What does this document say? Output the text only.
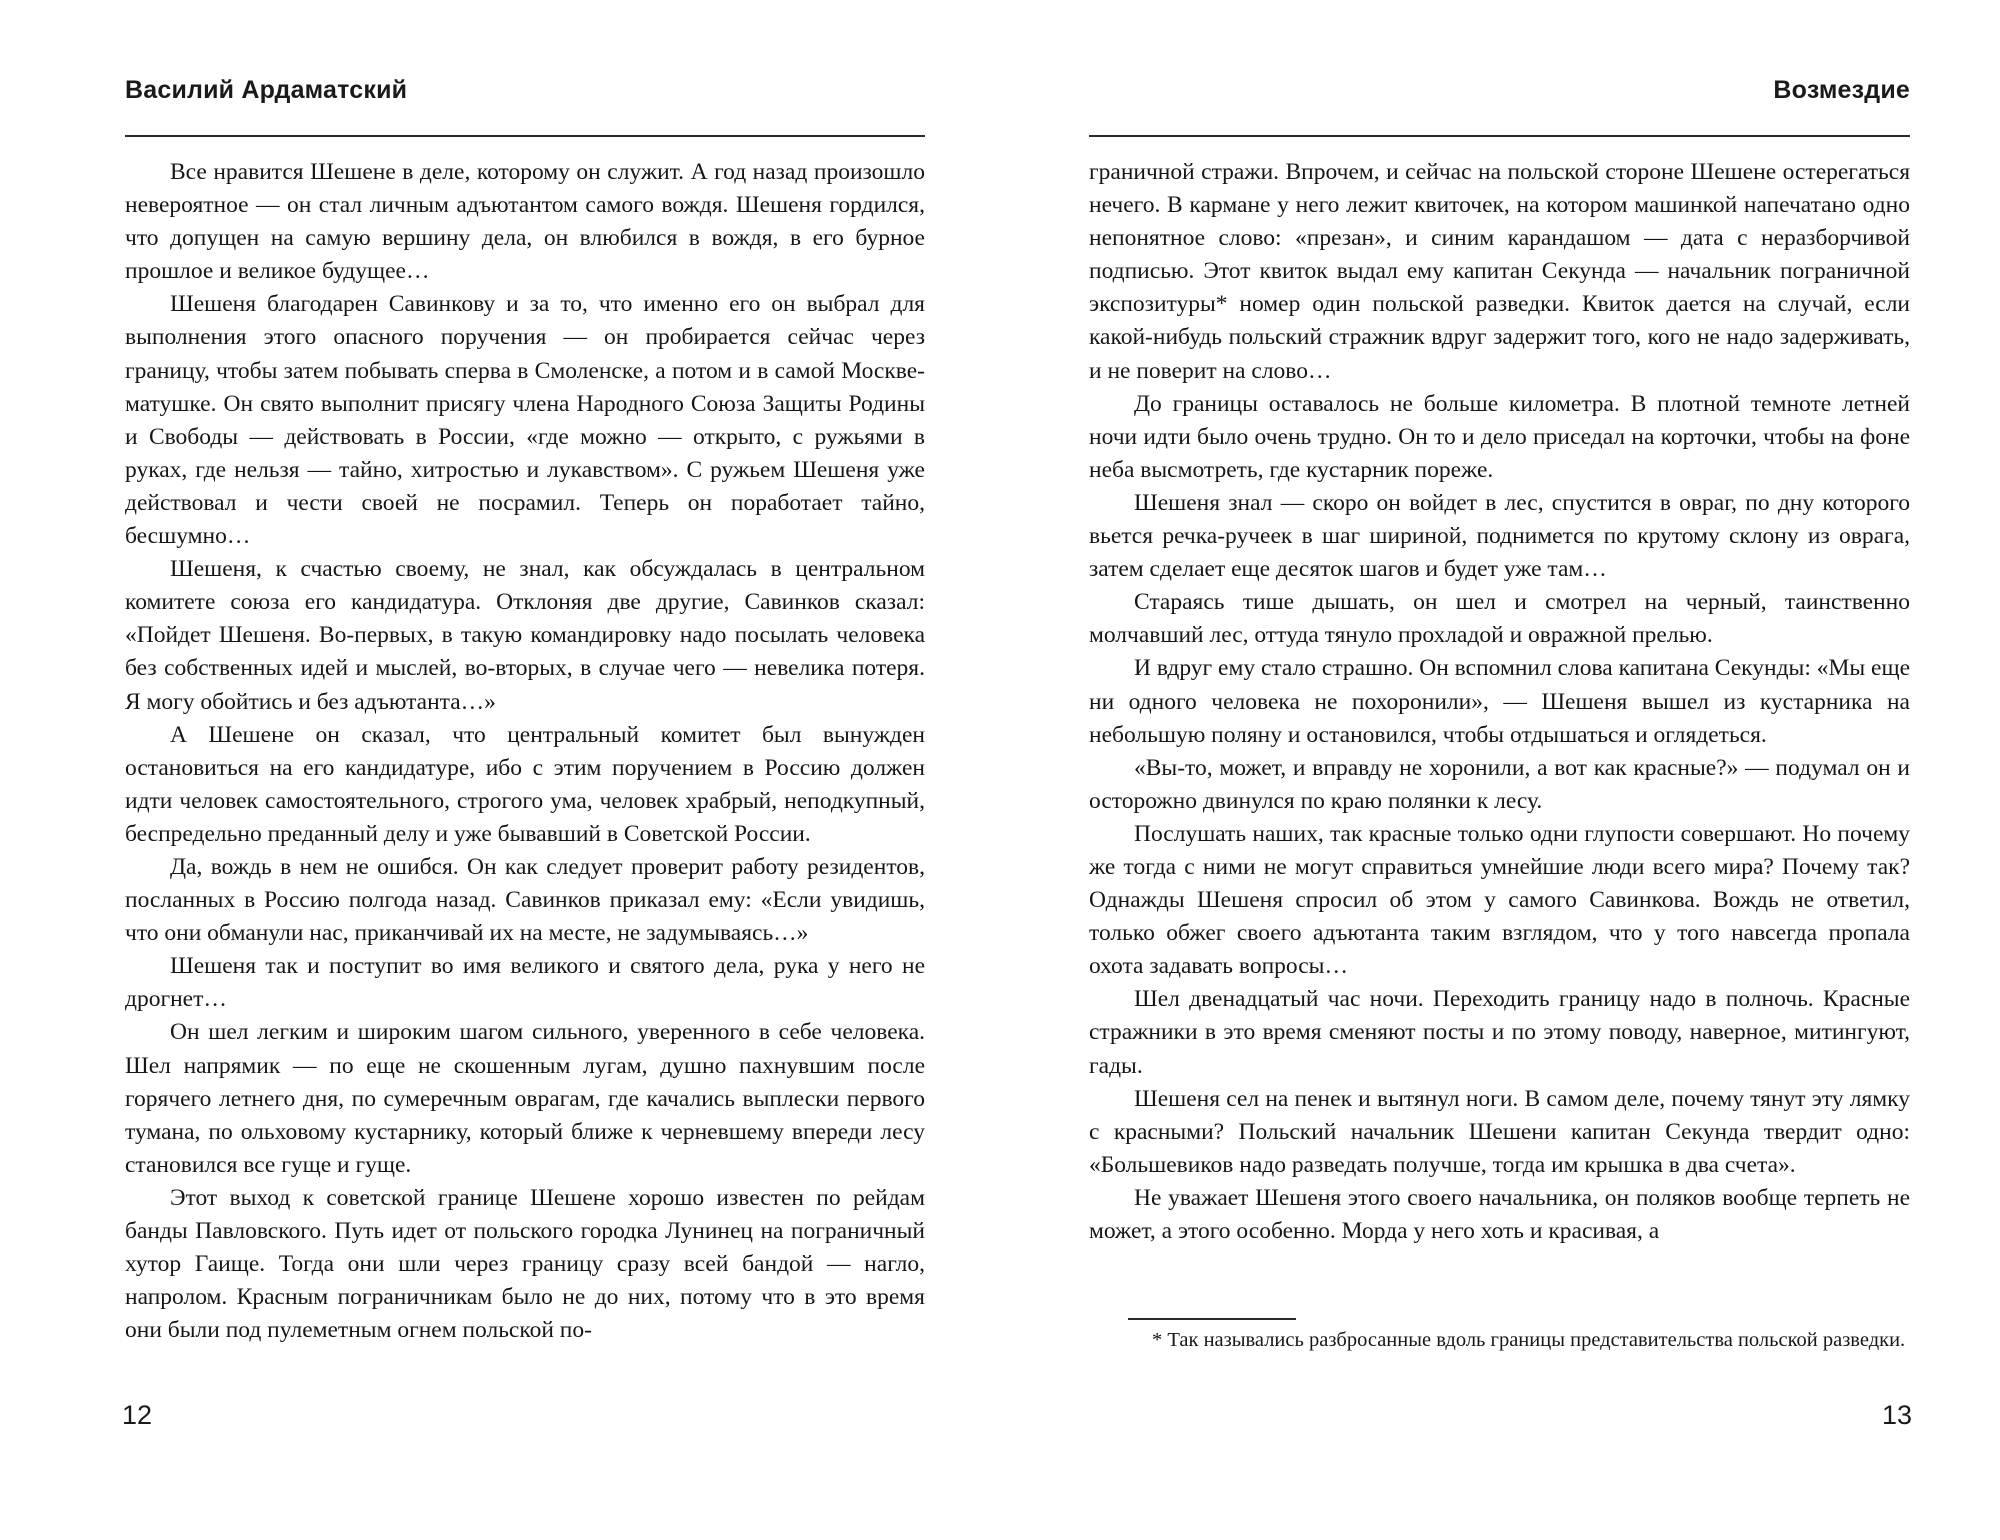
Василий Ардаматский

Все нравится Шешене в деле, которому он служит. А год назад произошло невероятное — он стал личным адъютантом самого вождя. Шешеня гордился, что допущен на самую вершину дела, он влюбился в вождя, в его бурное прошлое и великое будущее…

Шешеня благодарен Савинкову и за то, что именно его он выбрал для выполнения этого опасного поручения — он пробирается сейчас через границу, чтобы затем побывать сперва в Смоленске, а потом и в самой Москве-матушке. Он свято выполнит присягу члена Народного Союза Защиты Родины и Свободы — действовать в России, «где можно — открыто, с ружьями в руках, где нельзя — тайно, хитростью и лукавством». С ружьем Шешеня уже действовал и чести своей не посрамил. Теперь он поработает тайно, бесшумно…

Шешеня, к счастью своему, не знал, как обсуждалась в центральном комитете союза его кандидатура. Отклоняя две другие, Савинков сказал: «Пойдет Шешеня. Во-первых, в такую командировку надо посылать человека без собственных идей и мыслей, во-вторых, в случае чего — невелика потеря. Я могу обойтись и без адъютанта…»

А Шешене он сказал, что центральный комитет был вынужден остановиться на его кандидатуре, ибо с этим поручением в Россию должен идти человек самостоятельного, строгого ума, человек храбрый, неподкупный, беспредельно преданный делу и уже бывавший в Советской России.

Да, вождь в нем не ошибся. Он как следует проверит работу резидентов, посланных в Россию полгода назад. Савинков приказал ему: «Если увидишь, что они обманули нас, приканчивай их на месте, не задумываясь…»

Шешеня так и поступит во имя великого и святого дела, рука у него не дрогнет…

Он шел легким и широким шагом сильного, уверенного в себе человека. Шел напрямик — по еще не скошенным лугам, душно пахнувшим после горячего летнего дня, по сумеречным оврагам, где качались выплески первого тумана, по ольховому кустарнику, который ближе к черневшему впереди лесу становился все гуще и гуще.

Этот выход к советской границе Шешене хорошо известен по рейдам банды Павловского. Путь идет от польского городка Лунинец на пограничный хутор Гаище. Тогда они шли через границу сразу всей бандой — нагло, напролом. Красным пограничникам было не до них, потому что в это время они были под пулеметным огнем польской по-

12
Возмездие

граничной стражи. Впрочем, и сейчас на польской стороне Шешене остерегаться нечего. В кармане у него лежит квиточек, на котором машинкой напечатано одно непонятное слово: «презан», и синим карандашом — дата с неразборчивой подписью. Этот квиток выдал ему капитан Секунда — начальник пограничной экспозитуры* номер один польской разведки. Квиток дается на случай, если какой-нибудь польский стражник вдруг задержит того, кого не надо задерживать, и не поверит на слово…

До границы оставалось не больше километра. В плотной темноте летней ночи идти было очень трудно. Он то и дело приседал на корточки, чтобы на фоне неба высмотреть, где кустарник пореже.

Шешеня знал — скоро он войдет в лес, спустится в овраг, по дну которого вьется речка-ручеек в шаг шириной, поднимется по крутому склону из оврага, затем сделает еще десяток шагов и будет уже там…

Стараясь тише дышать, он шел и смотрел на черный, таинственно молчавший лес, оттуда тянуло прохладой и овражной прелью.

И вдруг ему стало страшно. Он вспомнил слова капитана Секунды: «Мы еще ни одного человека не похоронили», — Шешеня вышел из кустарника на небольшую поляну и остановился, чтобы отдышаться и оглядеться.

«Вы-то, может, и вправду не хоронили, а вот как красные?» — подумал он и осторожно двинулся по краю полянки к лесу.

Послушать наших, так красные только одни глупости совершают. Но почему же тогда с ними не могут справиться умнейшие люди всего мира? Почему так? Однажды Шешеня спросил об этом у самого Савинкова. Вождь не ответил, только обжег своего адъютанта таким взглядом, что у того навсегда пропала охота задавать вопросы…

Шел двенадцатый час ночи. Переходить границу надо в полночь. Красные стражники в это время сменяют посты и по этому поводу, наверное, митингуют, гады.

Шешеня сел на пенек и вытянул ноги. В самом деле, почему тянут эту лямку с красными? Польский начальник Шешени капитан Секунда твердит одно: «Большевиков надо разведать получше, тогда им крышка в два счета».

Не уважает Шешеня этого своего начальника, он поляков вообще терпеть не может, а этого особенно. Морда у него хоть и красивая, а

* Так назывались разбросанные вдоль границы представительства польской разведки.

13
